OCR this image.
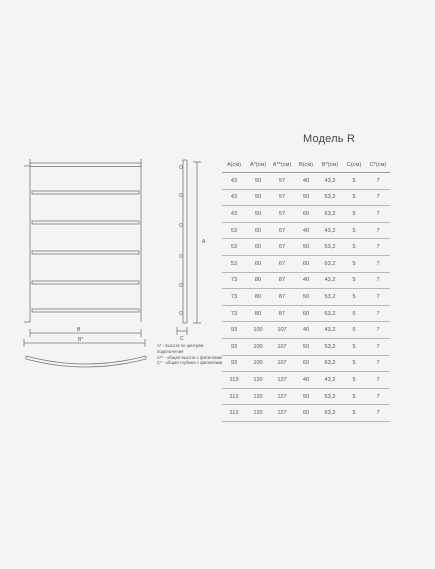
B
B*
A
C
Модель R
A(см)	A*(см)	A**(см)	B(см)	B*(см)	C(см)	C*(см)
43	50	57	40	43,2	5	7
43	50	57	50	53,2	5	7
43	50	57	60	63,2	5	7
53	60	67	40	43,2	5	7
53	60	67	50	53,2	5	7
53	60	67	60	63,2	5	7
73	80	87	40	43,2	5	7
73	80	87	50	53,2	5	7
73	80	87	60	63,2	5	7
93	100	107	40	43,2	5	7
93	100	107	50	53,2	5	7
93	100	107	60	63,2	5	7
113	120	127	40	43,2	5	7
113	120	127	50	53,2	5	7
113	120	127	60	63,2	5	7

A* - высота по центрам подключения

A** - общая высота с фитингами

C* - общая глубина с фитингами
